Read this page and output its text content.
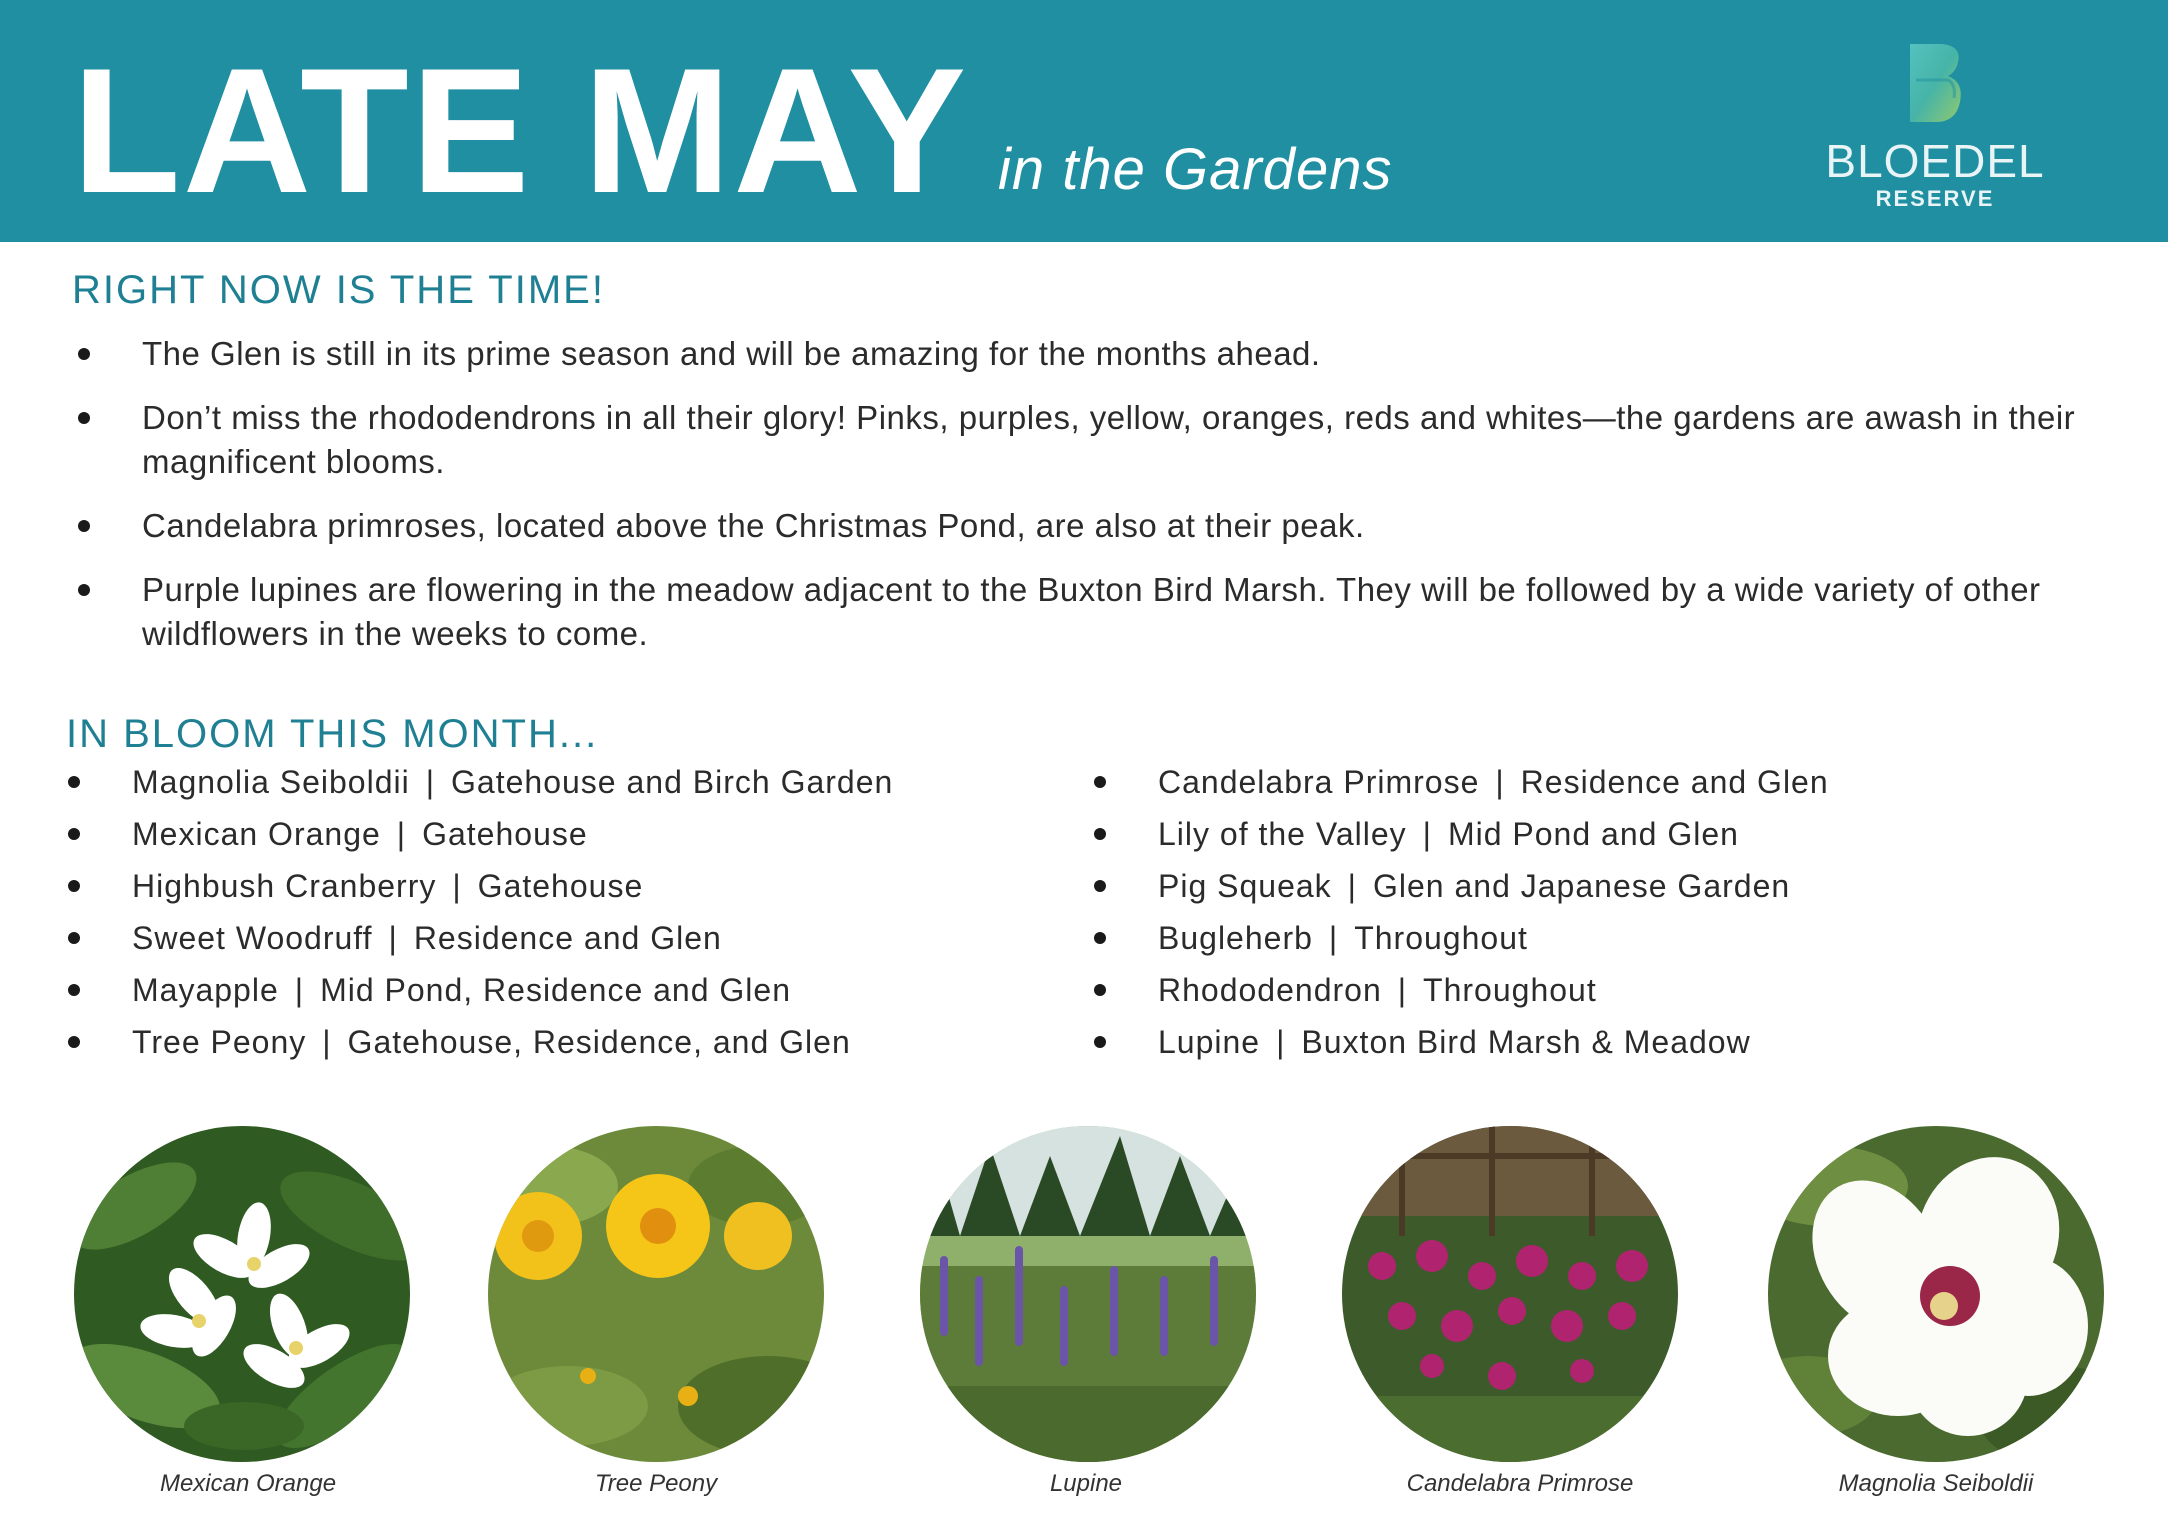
LATE MAY in the Gardens	BLOEDEL
RESERVE
RIGHT NOW IS THE TIME!
The Glen is still in its prime season and will be amazing for the months ahead.
Don’t miss the rhododendrons in all their glory! Pinks, purples, yellow, oranges, reds and whites—the gardens are awash in their magnificent blooms.
Candelabra primroses, located above the Christmas Pond, are also at their peak.
Purple lupines are flowering in the meadow adjacent to the Buxton Bird Marsh. They will be followed by a wide variety of other wildflowers in the weeks to come.
IN BLOOM THIS MONTH...
Magnolia Seiboldii | Gatehouse and Birch Garden
Mexican Orange | Gatehouse
Highbush Cranberry | Gatehouse
Sweet Woodruff | Residence and Glen
Mayapple | Mid Pond, Residence and Glen
Tree Peony | Gatehouse, Residence, and Glen
Candelabra Primrose | Residence and Glen
Lily of the Valley | Mid Pond and Glen
Pig Squeak | Glen and Japanese Garden
Bugleherb | Throughout
Rhododendron | Throughout
Lupine | Buxton Bird Marsh & Meadow
Mexican Orange	Tree Peony	Lupine	Candelabra Primrose	Magnolia Seiboldii
